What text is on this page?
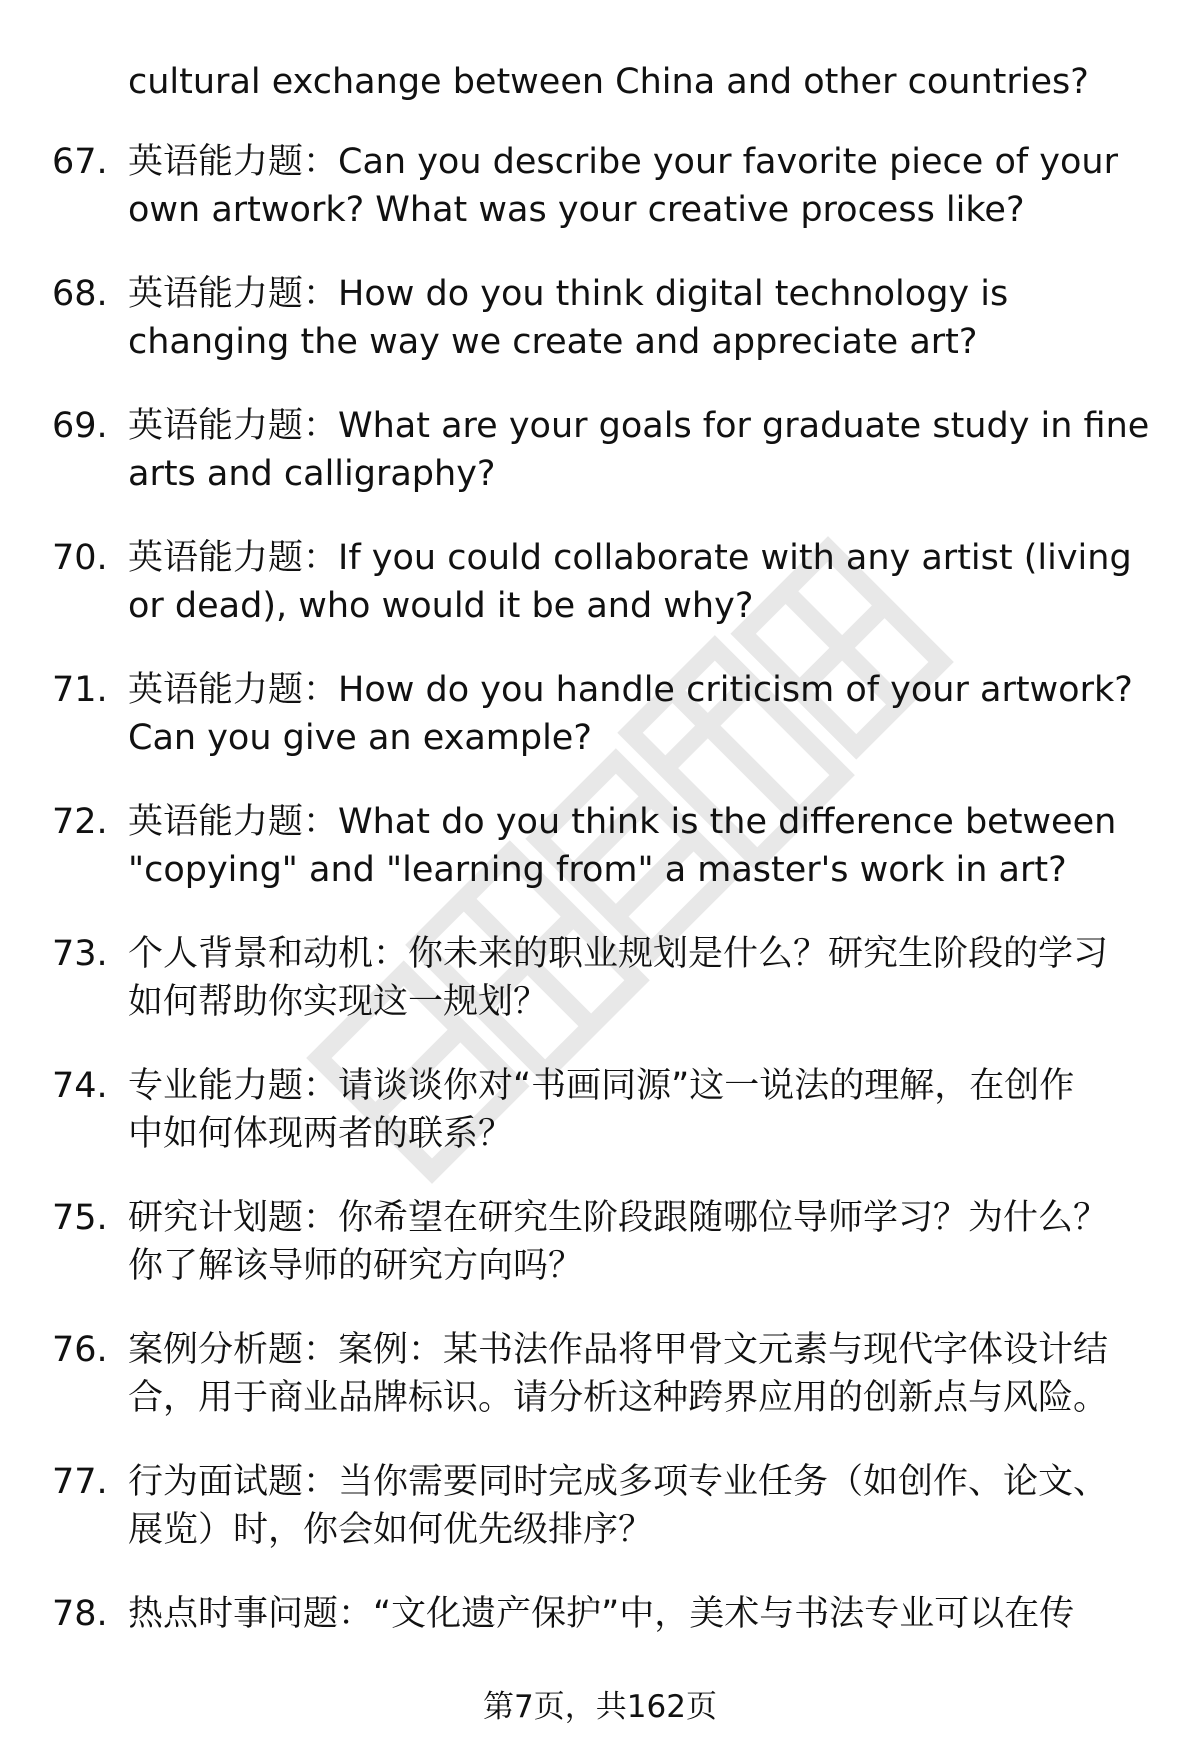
cultural exchange between China and other countries?

67. 英语能力题：Can you describe your favorite piece of your
own artwork? What was your creative process like?
68. 英语能力题：How do you think digital technology is
changing the way we create and appreciate art?
69. 英语能力题：What are your goals for graduate study in fine
arts and calligraphy?
70. 英语能力题：If you could collaborate with any artist (living
or dead), who would it be and why?
71. 英语能力题：How do you handle criticism of your artwork?
Can you give an example?
72. 英语能力题：What do you think is the difference between
"copying" and "learning from" a master's work in art?
73. 个人背景和动机：你未来的职业规划是什么？研究生阶段的学习
如何帮助你实现这一规划？
74. 专业能力题：请谈谈你对“书画同源”这一说法的理解，在创作
中如何体现两者的联系？
75. 研究计划题：你希望在研究生阶段跟随哪位导师学习？为什么？
你了解该导师的研究方向吗？
76. 案例分析题：案例：某书法作品将甲骨文元素与现代字体设计结
合，用于商业品牌标识。请分析这种跨界应用的创新点与风险。
77. 行为面试题：当你需要同时完成多项专业任务（如创作、论文、
展览）时，你会如何优先级排序？
78. 热点时事问题：“文化遗产保护”中，美术与书法专业可以在传
第7页，共162页
